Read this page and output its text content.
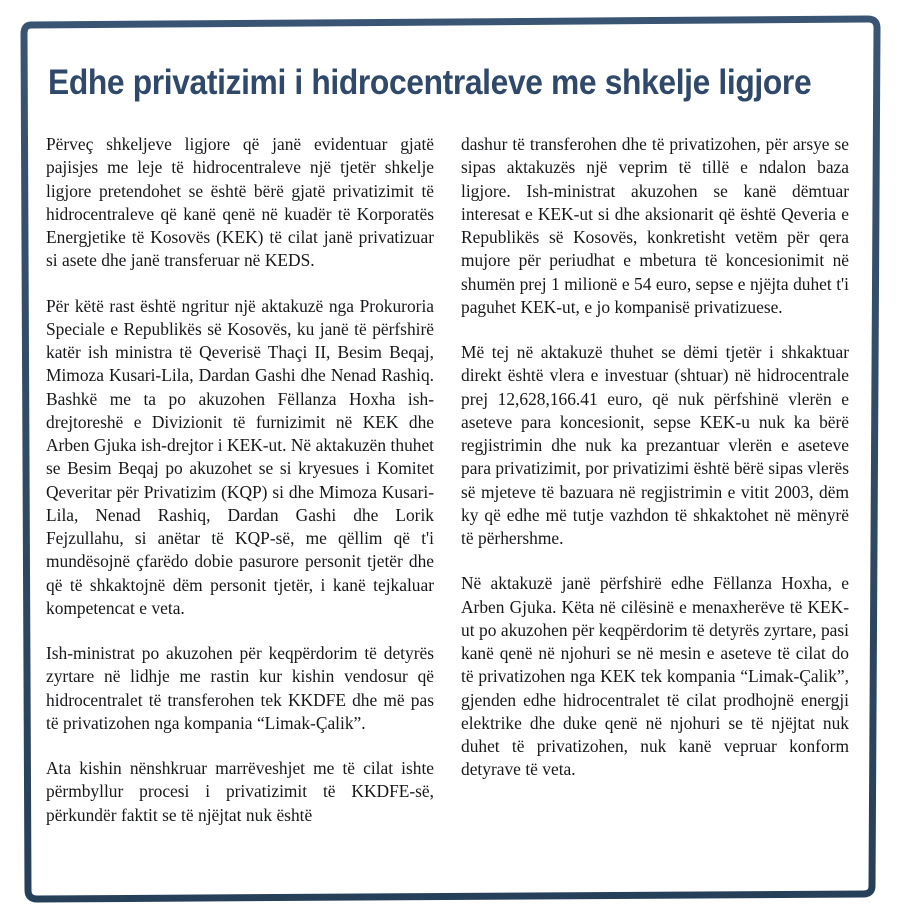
Edhe privatizimi i hidrocentraleve me shkelje ligjore

Përveç shkeljeve ligjore që janë evidentuar gjatë pajisjes me leje të hidrocentraleve një tjetër shkelje ligjore pretendohet se është bërë gjatë privatizimit të hidrocentraleve që kanë qenë në kuadër të Korporatës Energjetike të Kosovës (KEK) të cilat janë privatizuar si asete dhe janë transferuar në KEDS.

Për këtë rast është ngritur një aktakuzë nga Prokuroria Speciale e Republikës së Kosovës, ku janë të përfshirë katër ish ministra të Qeverisë Thaçi II, Besim Beqaj, Mimoza Kusari-Lila, Dardan Gashi dhe Nenad Rashiq. Bashkë me ta po akuzohen Fëllanza Hoxha ish-drejtoreshë e Divizionit të furnizimit në KEK dhe Arben Gjuka ish-drejtor i KEK-ut. Në aktakuzën thuhet se Besim Beqaj po akuzohet se si kryesues i Komitet Qeveritar për Privatizim (KQP) si dhe Mimoza Kusari-Lila, Nenad Rashiq, Dardan Gashi dhe Lorik Fejzullahu, si anëtar të KQP-së, me qëllim që t'i mundësojnë çfarëdo dobie pasurore personit tjetër dhe që të shkaktojnë dëm personit tjetër, i kanë tejkaluar kompetencat e veta.

Ish-ministrat po akuzohen për keqpërdorim të detyrës zyrtare në lidhje me rastin kur kishin vendosur që hidrocentralet të transferohen tek KKDFE dhe më pas të privatizohen nga kompania “Limak-Çalik”.

Ata kishin nënshkruar marrëveshjet me të cilat ishte përmbyllur procesi i privatizimit të KKDFE-së, përkundër faktit se të njëjtat nuk është

dashur të transferohen dhe të privatizohen, për arsye se sipas aktakuzës një veprim të tillë e ndalon baza ligjore. Ish-ministrat akuzohen se kanë dëmtuar interesat e KEK-ut si dhe aksionarit që është Qeveria e Republikës së Kosovës, konkretisht vetëm për qera mujore për periudhat e mbetura të koncesionimit në shumën prej 1 milionë e 54 euro, sepse e njëjta duhet t'i paguhet KEK-ut, e jo kompanisë privatizuese.

Më tej në aktakuzë thuhet se dëmi tjetër i shkaktuar direkt është vlera e investuar (shtuar) në hidrocentrale prej 12,628,166.41 euro, që nuk përfshinë vlerën e aseteve para koncesionit, sepse KEK-u nuk ka bërë regjistrimin dhe nuk ka prezantuar vlerën e aseteve para privatizimit, por privatizimi është bërë sipas vlerës së mjeteve të bazuara në regjistrimin e vitit 2003, dëm ky që edhe më tutje vazhdon të shkaktohet në mënyrë të përhershme.

Në aktakuzë janë përfshirë edhe Fëllanza Hoxha, e Arben Gjuka. Këta në cilësinë e menaxherëve të KEK-ut po akuzohen për keqpërdorim të detyrës zyrtare, pasi kanë qenë në njohuri se në mesin e aseteve të cilat do të privatizohen nga KEK tek kompania “Limak-Çalik”, gjenden edhe hidrocentralet të cilat prodhojnë energji elektrike dhe duke qenë në njohuri se të njëjtat nuk duhet të privatizohen, nuk kanë vepruar konform detyrave të veta.
